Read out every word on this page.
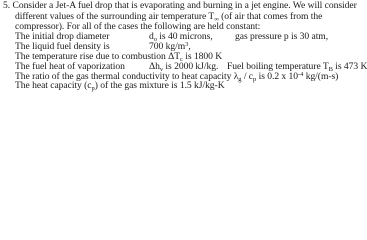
5. Consider a Jet-A fuel drop that is evaporating and burning in a jet engine. We will consider
different values of the surrounding air temperature $T_\infty$ (of air that comes from the
compressor). For all of the cases the following are held constant:
The initial drop diameter	$d_o$ is 40 microns, gas pressure p is 30 atm,
The liquid fuel density is	700 $kg/m^3$,
The temperature rise due to combustion $\Delta T_c$ is 1800 K
The fuel heat of vaporization	$\Delta h_v$ is 2000 kJ/kg. Fuel boiling temperature $T_B$ is 473 K
The ratio of the gas thermal conductivity to heat capacity $\lambda_g / c_p$ is 0.2 x $10^{-4}$ kg/(m-s)
The heat capacity $(c_p)$ of the gas mixture is 1.5 kJ/kg-K
